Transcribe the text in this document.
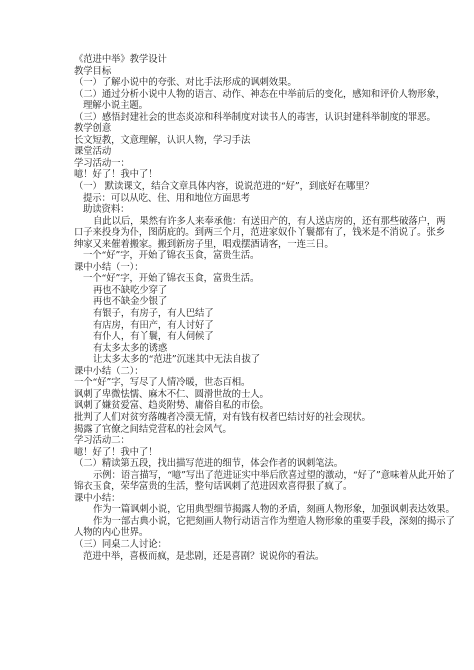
《范进中举》教学设计
教学目标
（一）了解小说中的夸张、对比手法形成的讽刺效果。
（二）通过分析小说中人物的语言、动作、神态在中举前后的变化，感知和评价人物形象，
理解小说主题。
（三）感悟封建社会的世态炎凉和科举制度对读书人的毒害，认识封建科举制度的罪恶。
教学创意
长文短教，文意理解，认识人物，学习手法
课堂活动
学习活动一：
噫！好了！我中了！
（一） 默读课文，结合文章具体内容，说说范进的“好”，到底好在哪里？
提示：可以从吃、住、用和地位方面思考
助读资料：
自此以后，果然有许多人来奉承他：有送田产的，有人送店房的，还有那些破落户，两
口子来投身为仆，图荫庇的。到两三个月，范进家奴仆丫鬟都有了，钱米是不消说了。张乡
绅家又来催着搬家。搬到新房子里，唱戏摆酒请客，一连三日。
一个“好”字，开始了锦衣玉食，富贵生活。
课中小结（一）：
一个“好”字，开始了锦衣玉食，富贵生活。
再也不缺吃少穿了
再也不缺金少银了
有银子，有房子，有人巴结了
有店房，有田产，有人讨好了
有仆人，有丫鬟，有人伺候了
有太多太多的诱惑
让太多太多的“范进”沉迷其中无法自拔了
课中小结（二）：
一个“好”字，写尽了人情冷暖，世态百相。
讽刺了卑微怯懦、麻木不仁、圆滑世故的士人。
讽刺了嫌贫爱富、趋炎附势、庸俗自私的市侩。
批判了人们对贫穷落魄者冷漠无情，对有钱有权者巴结讨好的社会现状。
揭露了官僚之间结党营私的社会风气。
学习活动二：
噫！好了！我中了！
（二）精读第五段，找出描写范进的细节，体会作者的讽刺笔法。
示例：语言描写，“噫”写出了范进证实中举后欣喜过望的激动，“好了”意味着从此开始了
锦衣玉食，荣华富贵的生活，整句话讽刺了范进因欢喜得狠了疯了。
课中小结：
作为一篇讽刺小说，它用典型细节揭露人物的矛盾，刻画人物形象，加强讽刺表达效果。
作为一部古典小说，它把刻画人物行动语言作为塑造人物形象的重要手段，深刻的揭示了
人物的内心世界。
（三）同桌二人讨论：
范进中举，喜极而疯，是悲剧，还是喜剧？说说你的看法。
